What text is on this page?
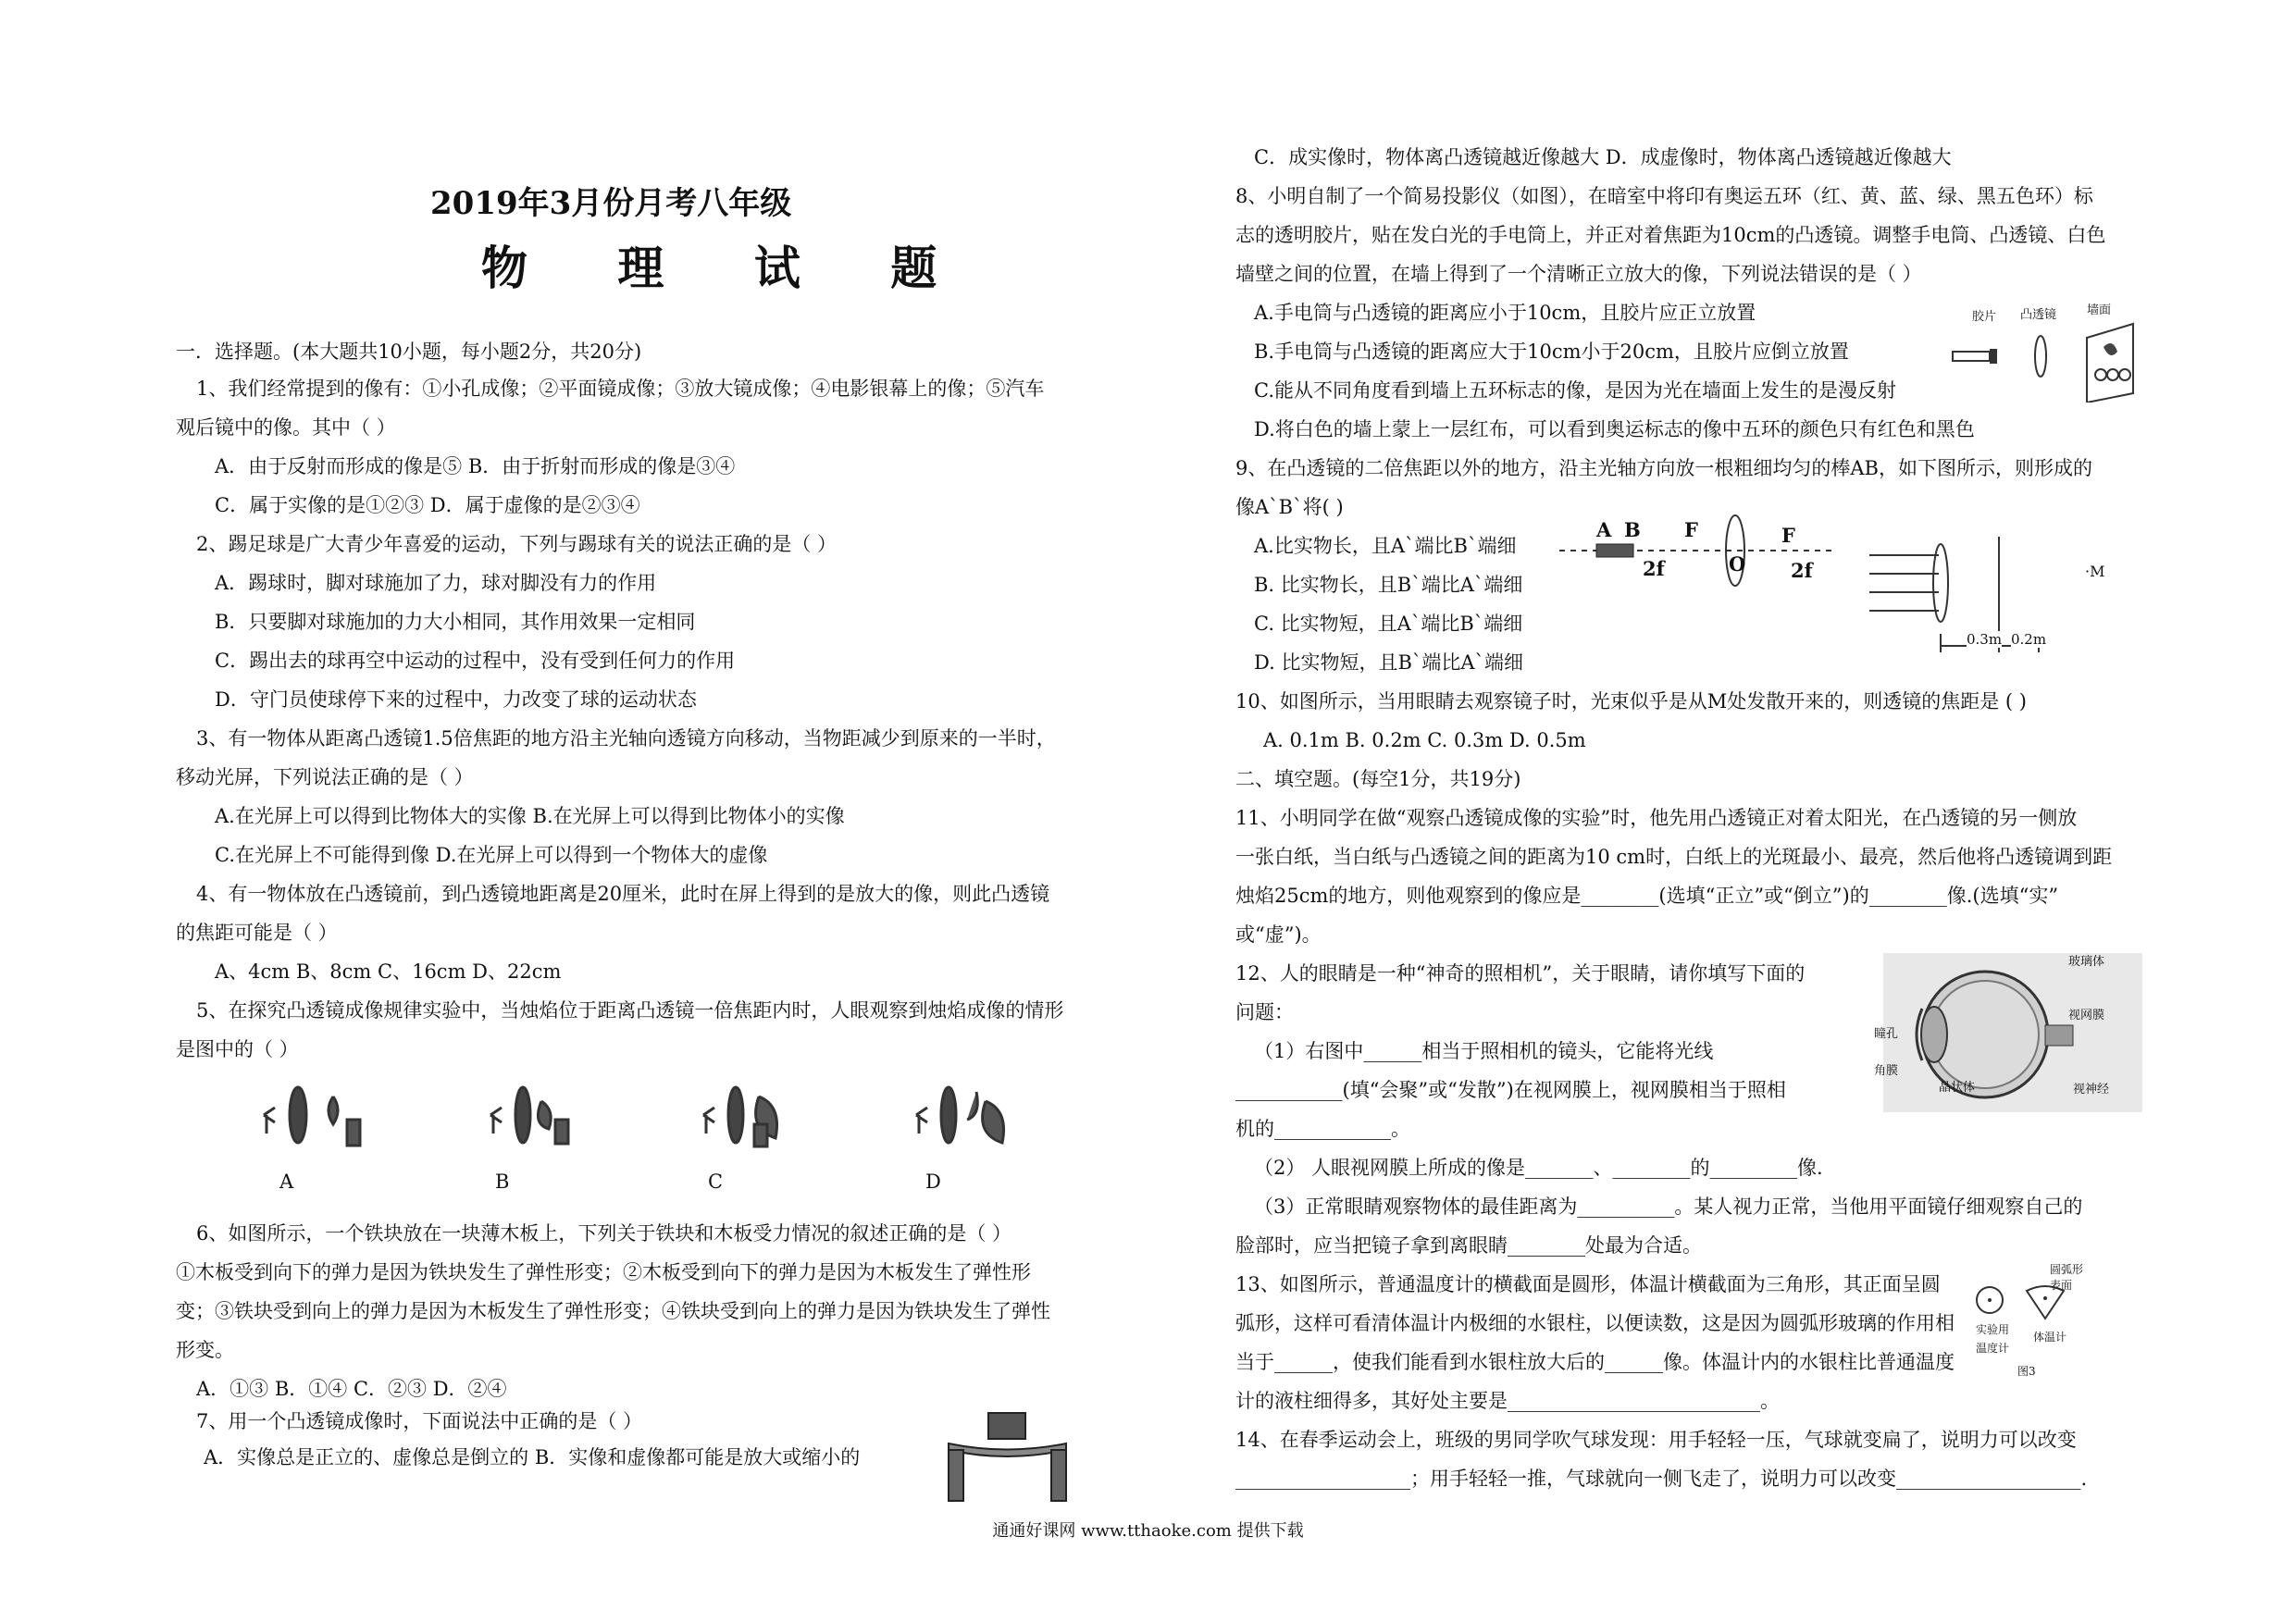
2019年3月份月考八年级
物 理 试 题
一．选择题。(本大题共10小题，每小题2分，共20分)
1、我们经常提到的像有：①小孔成像；②平面镜成像；③放大镜成像；④电影银幕上的像；⑤汽车
观后镜中的像。其中（ ）
A．由于反射而形成的像是⑤ B．由于折射而形成的像是③④
C．属于实像的是①②③ D．属于虚像的是②③④
2、踢足球是广大青少年喜爱的运动，下列与踢球有关的说法正确的是（ ）
A．踢球时，脚对球施加了力，球对脚没有力的作用
B．只要脚对球施加的力大小相同，其作用效果一定相同
C．踢出去的球再空中运动的过程中，没有受到任何力的作用
D．守门员使球停下来的过程中，力改变了球的运动状态
3、有一物体从距离凸透镜1.5倍焦距的地方沿主光轴向透镜方向移动，当物距减少到原来的一半时，
移动光屏，下列说法正确的是（ ）
A.在光屏上可以得到比物体大的实像 B.在光屏上可以得到比物体小的实像
C.在光屏上不可能得到像 D.在光屏上可以得到一个物体大的虚像
4、有一物体放在凸透镜前，到凸透镜地距离是20厘米，此时在屏上得到的是放大的像，则此凸透镜
的焦距可能是（ ）
A、4cm B、8cm C、16cm D、22cm
5、在探究凸透镜成像规律实验中，当烛焰位于距离凸透镜一倍焦距内时，人眼观察到烛焰成像的情形
是图中的（ ）
A	B	C	D
6、如图所示，一个铁块放在一块薄木板上，下列关于铁块和木板受力情况的叙述正确的是（ ）
①木板受到向下的弹力是因为铁块发生了弹性形变；②木板受到向下的弹力是因为木板发生了弹性形
变；③铁块受到向上的弹力是因为木板发生了弹性形变；④铁块受到向上的弹力是因为铁块发生了弹性
形变。
A．①③ B．①④ C．②③ D．②④
7、用一个凸透镜成像时，下面说法中正确的是（ ）
A．实像总是正立的、虚像总是倒立的 B．实像和虚像都可能是放大或缩小的
C．成实像时，物体离凸透镜越近像越大 D．成虚像时，物体离凸透镜越近像越大
8、小明自制了一个简易投影仪（如图），在暗室中将印有奥运五环（红、黄、蓝、绿、黑五色环）标
志的透明胶片，贴在发白光的手电筒上，并正对着焦距为10cm的凸透镜。调整手电筒、凸透镜、白色
墙壁之间的位置，在墙上得到了一个清晰正立放大的像，下列说法错误的是（ ）
A.手电筒与凸透镜的距离应小于10cm，且胶片应正立放置
B.手电筒与凸透镜的距离应大于10cm小于20cm，且胶片应倒立放置
C.能从不同角度看到墙上五环标志的像，是因为光在墙面上发生的是漫反射
D.将白色的墙上蒙上一层红布，可以看到奥运标志的像中五环的颜色只有红色和黑色
9、在凸透镜的二倍焦距以外的地方，沿主光轴方向放一根粗细均匀的棒AB，如下图所示，则形成的
像A`B`将( )
A.比实物长，且A`端比B`端细
B. 比实物长，且B`端比A`端细
C. 比实物短，且A`端比B`端细
D. 比实物短，且B`端比A`端细
10、如图所示，当用眼睛去观察镜子时，光束似乎是从M处发散开来的，则透镜的焦距是 ( )
A. 0.1m B. 0.2m C. 0.3m D. 0.5m
二、填空题。(每空1分，共19分)
11、小明同学在做“观察凸透镜成像的实验”时，他先用凸透镜正对着太阳光，在凸透镜的另一侧放
一张白纸，当白纸与凸透镜之间的距离为10 cm时，白纸上的光斑最小、最亮，然后他将凸透镜调到距
烛焰25cm的地方，则他观察到的像应是________(选填“正立”或“倒立”)的________像.(选填“实”
或“虚”)。
12、人的眼睛是一种“神奇的照相机”，关于眼睛，请你填写下面的
问题：
（1）右图中______相当于照相机的镜头，它能将光线
___________(填“会聚”或“发散”)在视网膜上，视网膜相当于照相
机的____________。
（2） 人眼视网膜上所成的像是_______、________的_________像.
（3）正常眼睛观察物体的最佳距离为__________。某人视力正常，当他用平面镜仔细观察自己的
脸部时，应当把镜子拿到离眼睛________处最为合适。
13、如图所示，普通温度计的横截面是圆形，体温计横截面为三角形，其正面呈圆
弧形，这样可看清体温计内极细的水银柱，以便读数，这是因为圆弧形玻璃的作用相
当于______，使我们能看到水银柱放大后的______像。体温计内的水银柱比普通温度
计的液柱细得多，其好处主要是__________________________。
14、在春季运动会上，班级的男同学吹气球发现：用手轻轻一压，气球就变扁了，说明力可以改变
__________________；用手轻轻一推，气球就向一侧飞走了，说明力可以改变___________________.
胶片 凸透镜	墙面
A B F	F
O
2f	2f	·M
0.3m 0.2m
玻璃体
视网膜
瞳孔
角膜
晶状体	视神经
圆弧形
表面
实验用
温度计
体温计
图3
通通好课网 www.tthaoke.com 提供下载
